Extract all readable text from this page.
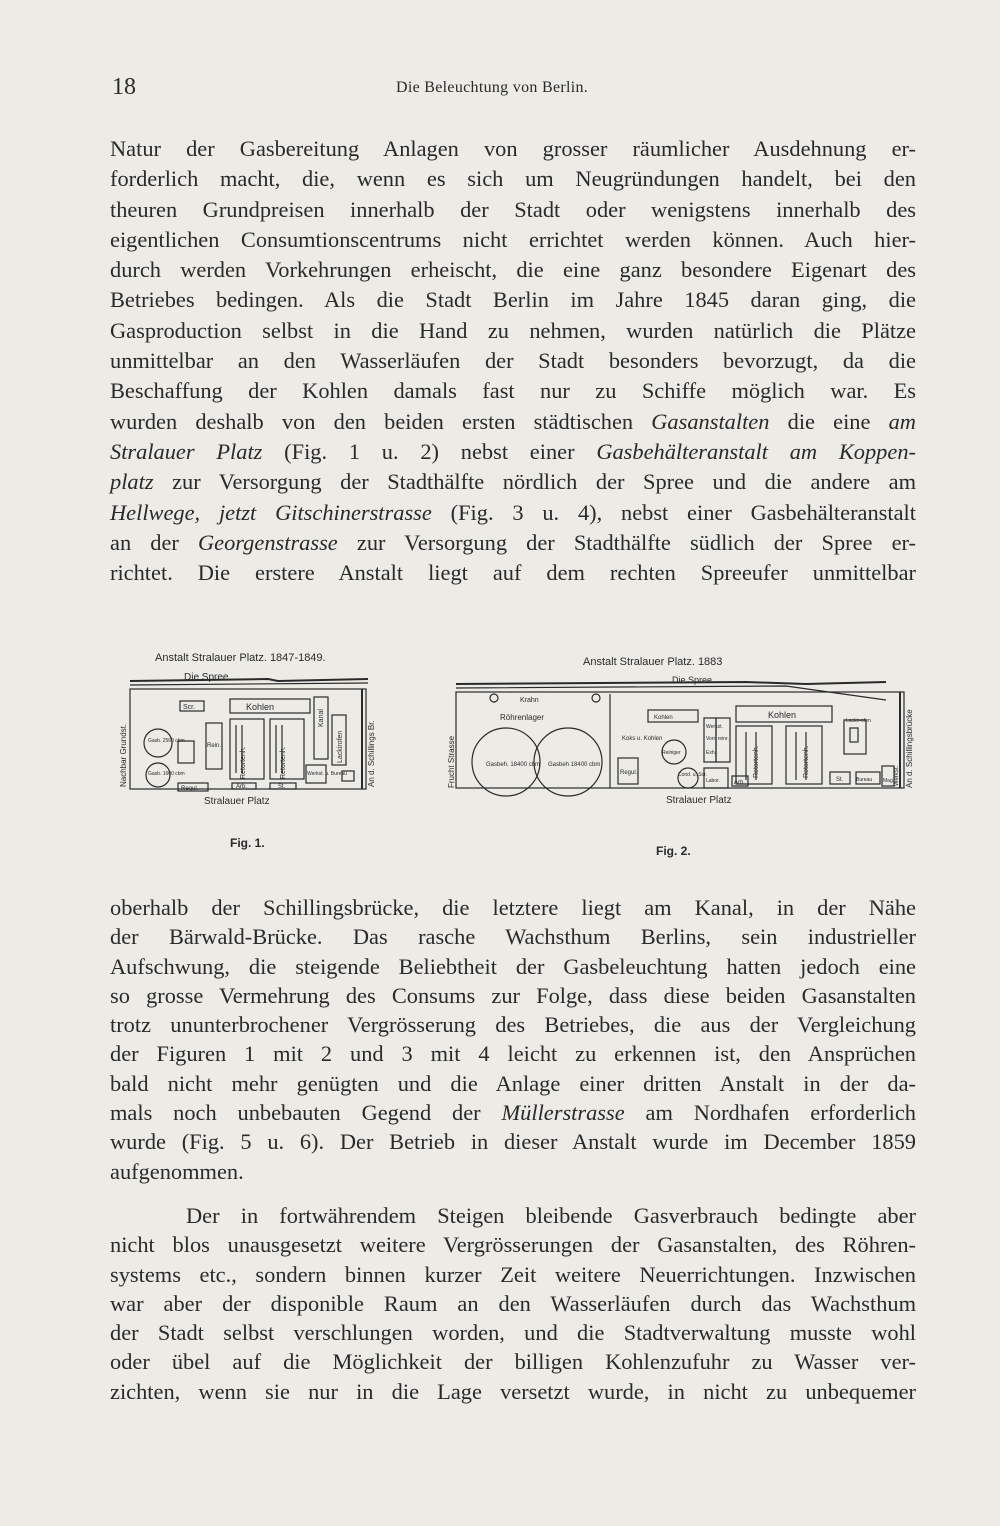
18	Die Beleuchtung von Berlin.
Natur der Gasbereitung Anlagen von grosser räumlicher Ausdehnung er-
forderlich macht, die, wenn es sich um Neugründungen handelt, bei den
theuren Grundpreisen innerhalb der Stadt oder wenigstens innerhalb des
eigentlichen Consumtionscentrums nicht errichtet werden können. Auch hier-
durch werden Vorkehrungen erheischt, die eine ganz besondere Eigenart des
Betriebes bedingen. Als die Stadt Berlin im Jahre 1845 daran ging, die
Gasproduction selbst in die Hand zu nehmen, wurden natürlich die Plätze
unmittelbar an den Wasserläufen der Stadt besonders bevorzugt, da die
Beschaffung der Kohlen damals fast nur zu Schiffe möglich war. Es
wurden deshalb von den beiden ersten städtischen Gasanstalten die eine am
Stralauer Platz (Fig. 1 u. 2) nebst einer Gasbehälteranstalt am Koppen-
platz zur Versorgung der Stadthälfte nördlich der Spree und die andere am
Hellwege, jetzt Gitschinerstrasse (Fig. 3 u. 4), nebst einer Gasbehälteranstalt
an der Georgenstrasse zur Versorgung der Stadthälfte südlich der Spree er-
richtet. Die erstere Anstalt liegt auf dem rechten Spreeufer unmittelbar
Anstalt Stralauer Platz. 1847-1849.
Die Spree
Scr.	Kohlen
Rein.
Retortenh.	Retortenh.
Kanal
Lackirofen
Gasb. 2560 cbm
Gasb. 1600 cbm
Regul.	Arb.	St.
Werkst. u. Bureau
Nachbar Grundst.	An d. Schillings Br.
Stralauer Platz
Fig. 1.
Anstalt Stralauer Platz. 1883
Krahn
Röhrenlager
Die Spree.
Koks u. Kohlen
Kohlen	Kohlen
Werkst.
Vorr. reinr.
Exh.
Gasbeh. 18400 cbm Gasbeh 18400 cbm
Reiniger
Cond. u. Scr.
Regul.
Labor. Arb.
Retortenh.	Retortenh.
Lackir-ofen
St.	Bureau Mag. Werkst.
Frucht Strasse	An d. Schillingsbrücke
Stralauer Platz
Fig. 2.
oberhalb der Schillingsbrücke, die letztere liegt am Kanal, in der Nähe
der Bärwald-Brücke. Das rasche Wachsthum Berlins, sein industrieller
Aufschwung, die steigende Beliebtheit der Gasbeleuchtung hatten jedoch eine
so grosse Vermehrung des Consums zur Folge, dass diese beiden Gasanstalten
trotz ununterbrochener Vergrösserung des Betriebes, die aus der Vergleichung
der Figuren 1 mit 2 und 3 mit 4 leicht zu erkennen ist, den Ansprüchen
bald nicht mehr genügten und die Anlage einer dritten Anstalt in der da-
mals noch unbebauten Gegend der Müllerstrasse am Nordhafen erforderlich
wurde (Fig. 5 u. 6). Der Betrieb in dieser Anstalt wurde im December 1859
aufgenommen.
Der in fortwährendem Steigen bleibende Gasverbrauch bedingte aber
nicht blos unausgesetzt weitere Vergrösserungen der Gasanstalten, des Röhren-
systems etc., sondern binnen kurzer Zeit weitere Neuerrichtungen. Inzwischen
war aber der disponible Raum an den Wasserläufen durch das Wachsthum
der Stadt selbst verschlungen worden, und die Stadtverwaltung musste wohl
oder übel auf die Möglichkeit der billigen Kohlenzufuhr zu Wasser ver-
zichten, wenn sie nur in die Lage versetzt wurde, in nicht zu unbequemer
